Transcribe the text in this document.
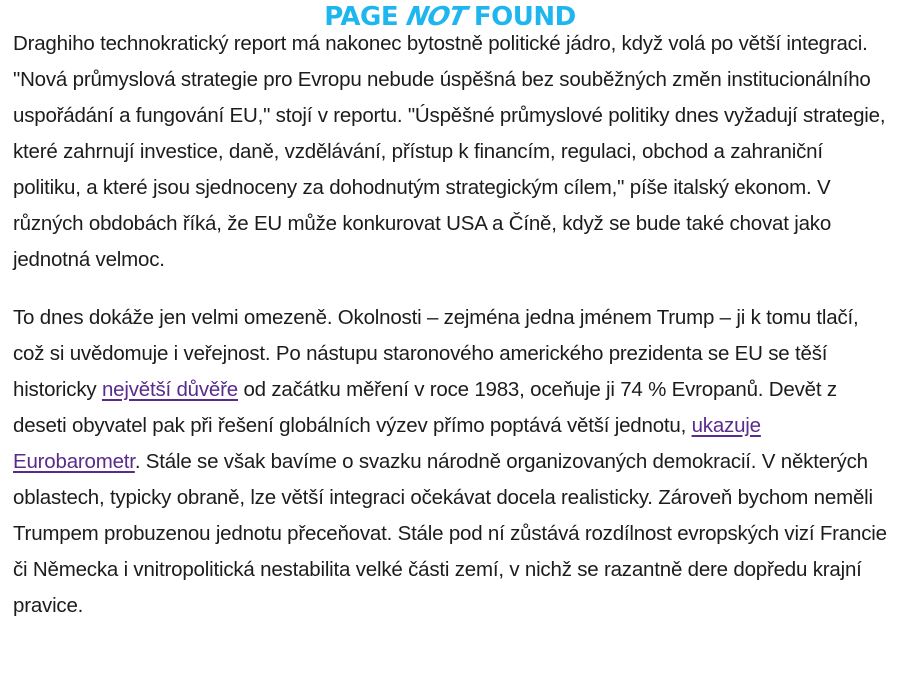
PAGE NOT FOUND

Draghiho technokratický report má nakonec bytostně politické jádro, když volá po větší integraci. "Nová průmyslová strategie pro Evropu nebude úspěšná bez souběžných změn institucionálního uspořádání a fungování EU," stojí v reportu. "Úspěšné průmyslové politiky dnes vyžadují strategie, které zahrnují investice, daně, vzdělávání, přístup k financím, regulaci, obchod a zahraniční politiku, a které jsou sjednoceny za dohodnutým strategickým cílem," píše italský ekonom. V různých obdobách říká, že EU může konkurovat USA a Číně, když se bude také chovat jako jednotná velmoc.

To dnes dokáže jen velmi omezeně. Okolnosti – zejména jedna jménem Trump – ji k tomu tlačí, což si uvědomuje i veřejnost. Po nástupu staronového amerického prezidenta se EU se těší historicky největší důvěře od začátku měření v roce 1983, oceňuje ji 74 % Evropanů. Devět z deseti obyvatel pak při řešení globálních výzev přímo poptává větší jednotu, ukazuje Eurobarometr. Stále se však bavíme o svazku národně organizovaných demokracií. V některých oblastech, typicky obraně, lze větší integraci očekávat docela realisticky. Zároveň bychom neměli Trumpem probuzenou jednotu přeceňovat. Stále pod ní zůstává rozdílnost evropských vizí Francie či Německa i vnitropolitická nestabilita velké části zemí, v nichž se razantně dere dopředu krajní pravice.
